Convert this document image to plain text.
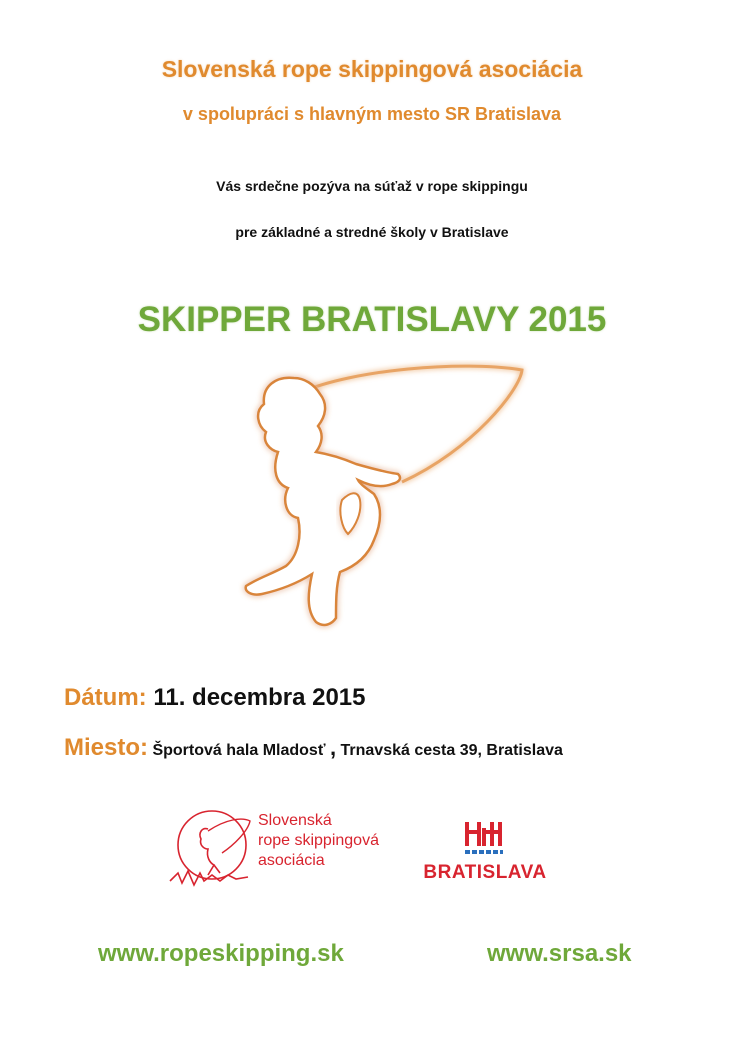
Slovenská rope skippingová asociácia
v spolupráci s hlavným mesto SR Bratislava
Vás srdečne pozýva na súťaž v rope skippingu
pre základné a stredné školy v Bratislave
SKIPPER BRATISLAVY 2015
Dátum: 11. decembra 2015
Miesto: Športová hala Mladosť , Trnavská cesta 39, Bratislava
Slovenská
rope skippingová
asociácia
BRATISLAVA
www.ropeskipping.sk	www.srsa.sk
